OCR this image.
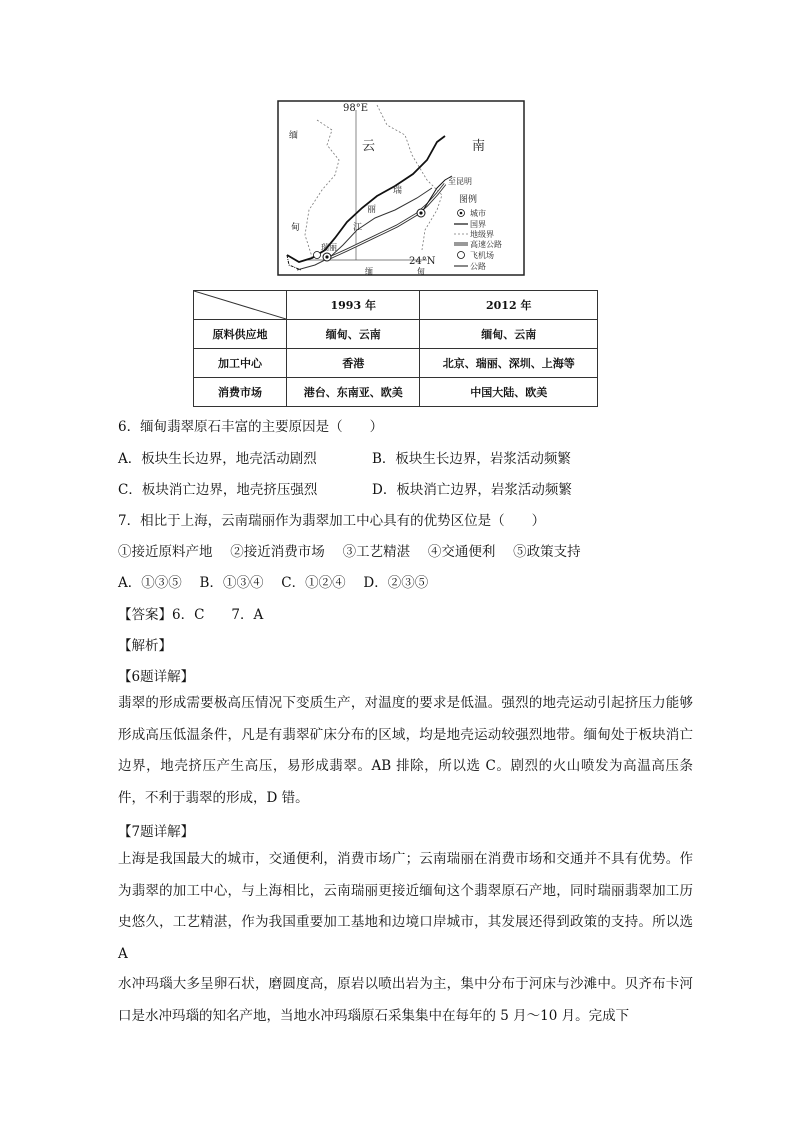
98°E
24°N
云	南
缅
甸
缅	甸
瑞
丽
江
瑞丽
至昆明
图例
城市
国界
地级界
高速公路
飞机场
公路
	1993 年	2012 年
原料供应地	缅甸、云南	缅甸、云南
加工中心	香港	北京、瑞丽、深圳、上海等
消费市场	港台、东南亚、欧美	中国大陆、欧美
6．缅甸翡翠原石丰富的主要原因是（　　）
A．板块生长边界，地壳活动剧烈	B．板块生长边界，岩浆活动频繁
C．板块消亡边界，地壳挤压强烈	D．板块消亡边界，岩浆活动频繁
7．相比于上海，云南瑞丽作为翡翠加工中心具有的优势区位是（　　）
①接近原料产地　 ②接近消费市场　 ③工艺精湛　 ④交通便利　 ⑤政策支持
A．①③⑤　 B．①③④　 C．①②④　 D．②③⑤
【答案】6．C　　7．A
【解析】
【6题详解】
翡翠的形成需要极高压情况下变质生产，对温度的要求是低温。强烈的地壳运动引起挤压力能够形成高压低温条件，凡是有翡翠矿床分布的区域，均是地壳运动较强烈地带。缅甸处于板块消亡边界，地壳挤压产生高压，易形成翡翠。AB 排除，所以选 C。剧烈的火山喷发为高温高压条件，不利于翡翠的形成，D 错。
【7题详解】
上海是我国最大的城市，交通便利，消费市场广；云南瑞丽在消费市场和交通并不具有优势。作为翡翠的加工中心，与上海相比，云南瑞丽更接近缅甸这个翡翠原石产地，同时瑞丽翡翠加工历史悠久，工艺精湛，作为我国重要加工基地和边境口岸城市，其发展还得到政策的支持。所以选 A
水冲玛瑙大多呈卵石状，磨圆度高，原岩以喷出岩为主，集中分布于河床与沙滩中。贝齐布卡河口是水冲玛瑙的知名产地，当地水冲玛瑙原石采集集中在每年的 5 月～10 月。完成下
